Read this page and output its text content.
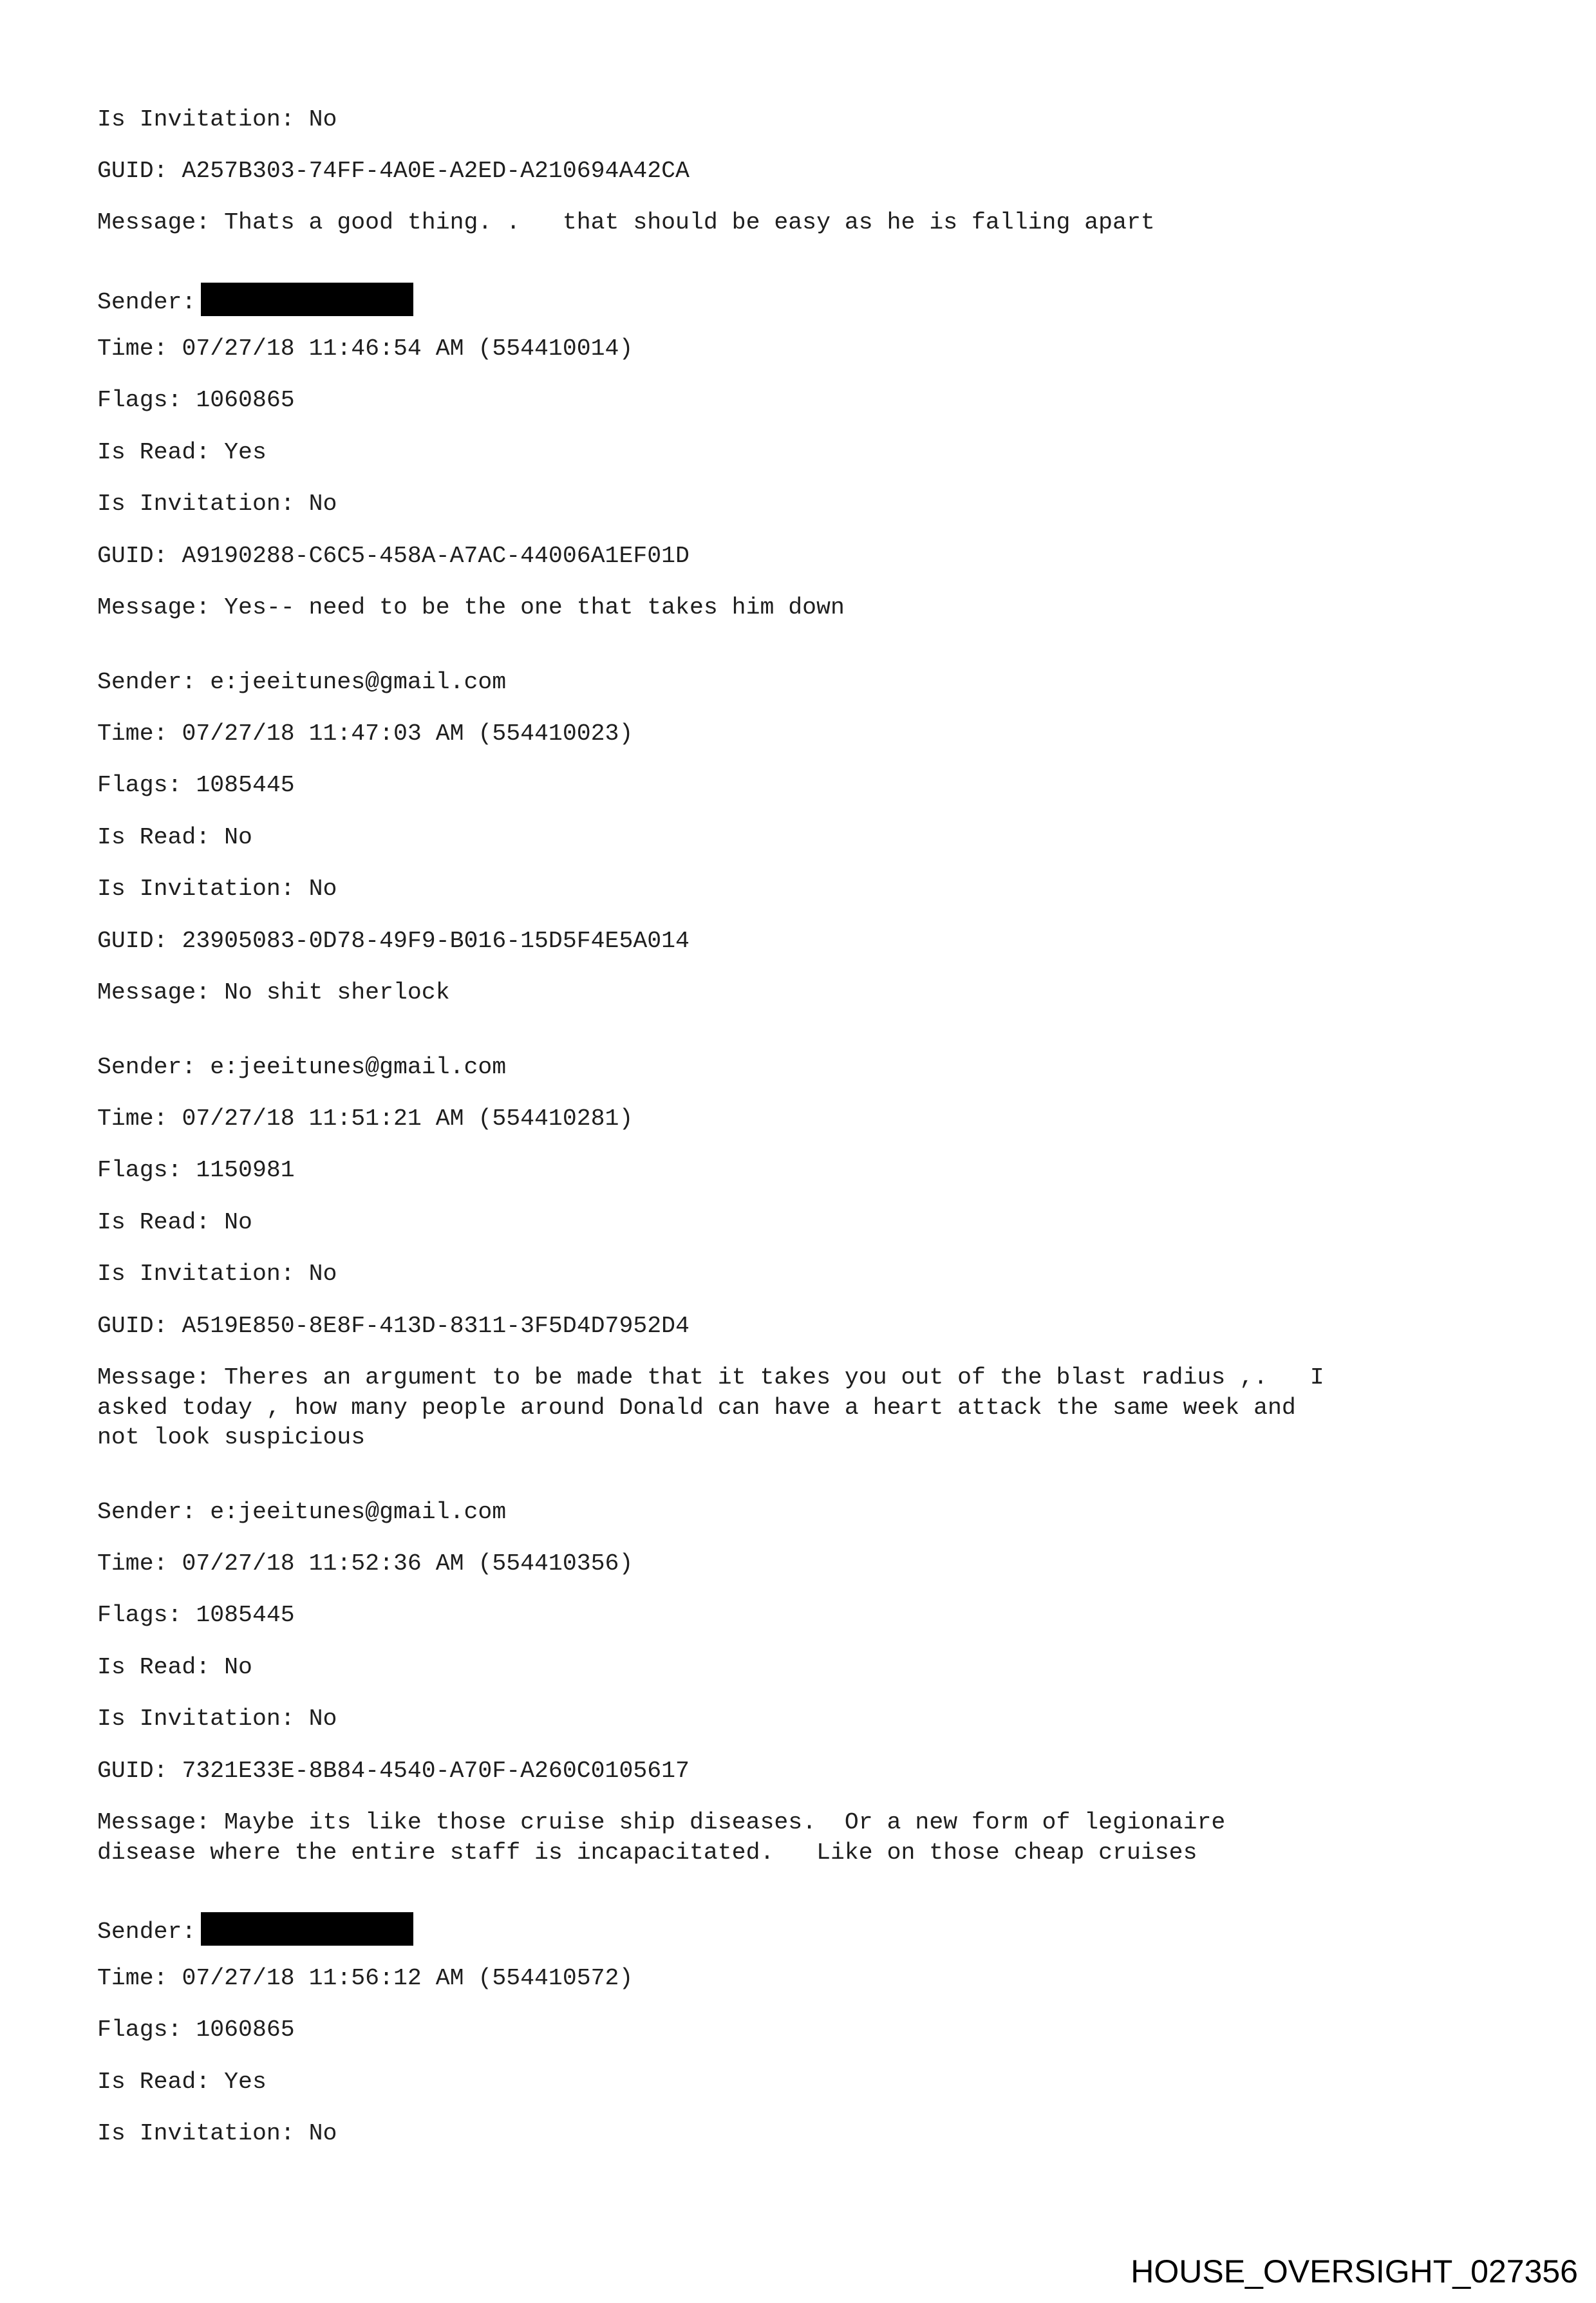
Is Invitation: No
GUID: A257B303-74FF-4A0E-A2ED-A210694A42CA
Message: Thats a good thing. .   that should be easy as he is falling apart
Sender:
Time: 07/27/18 11:46:54 AM (554410014)
Flags: 1060865
Is Read: Yes
Is Invitation: No
GUID: A9190288-C6C5-458A-A7AC-44006A1EF01D
Message: Yes-- need to be the one that takes him down
Sender: e:jeeitunes@gmail.com
Time: 07/27/18 11:47:03 AM (554410023)
Flags: 1085445
Is Read: No
Is Invitation: No
GUID: 23905083-0D78-49F9-B016-15D5F4E5A014
Message: No shit sherlock
Sender: e:jeeitunes@gmail.com
Time: 07/27/18 11:51:21 AM (554410281)
Flags: 1150981
Is Read: No
Is Invitation: No
GUID: A519E850-8E8F-413D-8311-3F5D4D7952D4
Message: Theres an argument to be made that it takes you out of the blast radius ,.   I
asked today , how many people around Donald can have a heart attack the same week and
not look suspicious
Sender: e:jeeitunes@gmail.com
Time: 07/27/18 11:52:36 AM (554410356)
Flags: 1085445
Is Read: No
Is Invitation: No
GUID: 7321E33E-8B84-4540-A70F-A260C0105617
Message: Maybe its like those cruise ship diseases.  Or a new form of legionaire
disease where the entire staff is incapacitated.   Like on those cheap cruises
Sender:
Time: 07/27/18 11:56:12 AM (554410572)
Flags: 1060865
Is Read: Yes
Is Invitation: No
HOUSE_OVERSIGHT_027356
